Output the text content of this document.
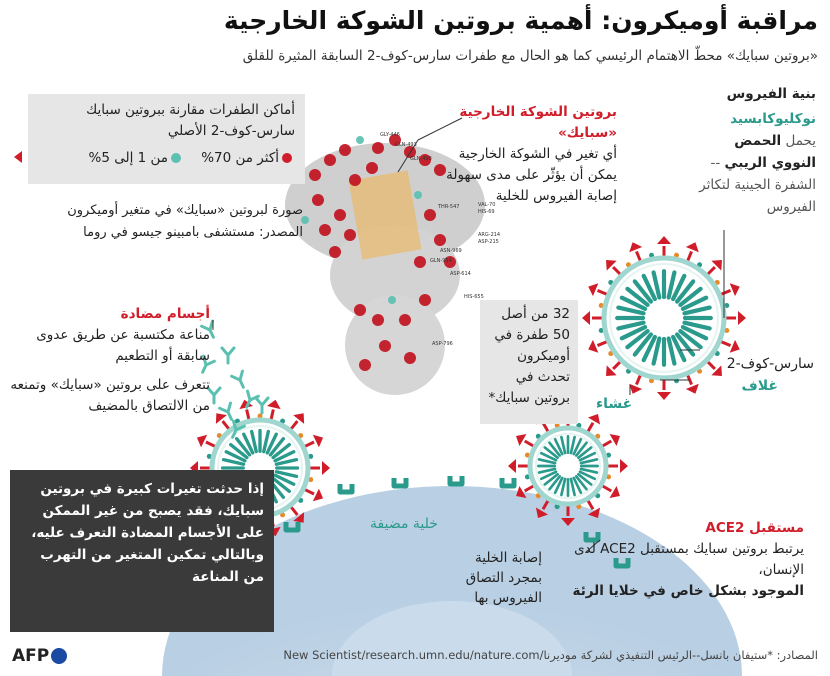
GLY-446
GLN-493
GLN-498
THR-547	VAL-70
HIS-69
ARG-214
ASP-215
ASN-969
ASP-614
GLN-954
HIS-655
ASP-796
مراقبة أوميكرون: أهمية بروتين الشوكة الخارجية
«بروتين سبايك» محطّ الاهتمام الرئيسي كما هو الحال مع طفرات سارس-كوف-2 السابقة المثيرة للقلق
بنية الفيروس
نوكليوكابسيد
يحمل الحمض النووي الريبي -- الشفرة الجينية لتكاثر الفيروس
أماكن الطفرات مقارنة ببروتين سبايك سارس-كوف-2 الأصلي
أكثر من 70%    من 1 إلى 5%
صورة لبروتين «سبايك» في متغير أوميكرون
المصدر: مستشفى بامبينو جيسو في روما
بروتين الشوكة الخارجية «سبايك»
أي تغير في الشوكة الخارجية يمكن أن يؤثّر على مدى سهولة إصابة الفيروس للخلية
32 من أصل 50 طفرة في أوميكرون تحدث في بروتين سبايك*
سارس-كوف-2
غلاف
غشاء

أجسام مضادة

مناعة مكتسبة عن طريق عدوى سابقة أو التطعيم

تتعرف على بروتين «سبايك» وتمنعه من الالتصاق بالمضيف

إذا حدثت تغيرات كبيرة في بروتين سبايك، فقد يصبح من غير الممكن على الأجسام المضادة التعرف عليه، وبالتالي تمكين المتغير من التهرب من المناعة
خلية مضيفة
إصابة الخلية بمجرد التصاق الفيروس بها
مستقبل ACE2
يرتبط بروتين سبايك بمستقبل ACE2 لدى الإنسان،
الموجود بشكل خاص في خلايا الرئة
المصادر: *ستيفان بانسل--الرئيس التنفيذي لشركة موديرنا/New Scientist/research.umn.edu/nature.com
AFP
